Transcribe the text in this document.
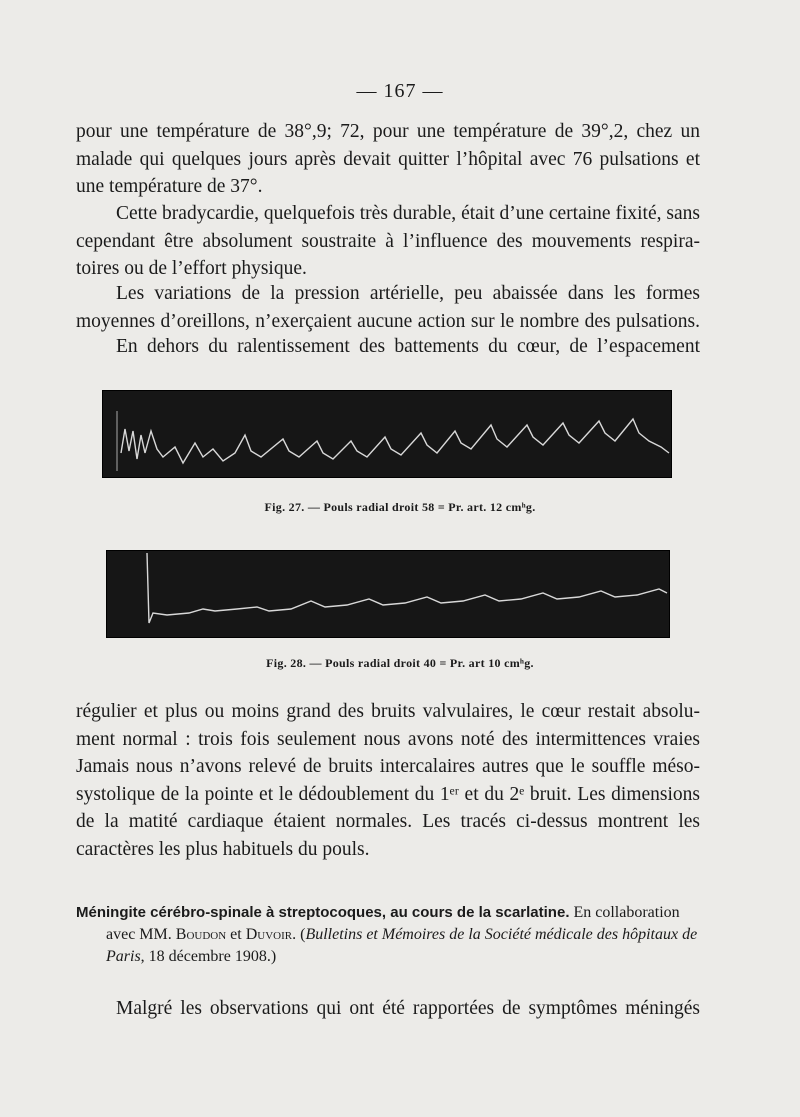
— 167 —
pour une température de 38°,9; 72, pour une température de 39°,2, chez un
malade qui quelques jours après devait quitter l’hôpital avec 76 pulsations et
une température de 37°.
Cette bradycardie, quelquefois très durable, était d’une certaine fixité, sans
cependant être absolument soustraite à l’influence des mouvements respira-
toires ou de l’effort physique.
Les variations de la pression artérielle, peu abaissée dans les formes
moyennes d’oreillons, n’exerçaient aucune action sur le nombre des pulsations.
En dehors du ralentissement des battements du cœur, de l’espacement
Fig. 27. — Pouls radial droit 58 = Pr. art. 12 cmʰg.
Fig. 28. — Pouls radial droit 40 = Pr. art 10 cmʰg.
régulier et plus ou moins grand des bruits valvulaires, le cœur restait absolu-
ment normal : trois fois seulement nous avons noté des intermittences vraies
Jamais nous n’avons relevé de bruits intercalaires autres que le souffle méso-
systolique de la pointe et le dédoublement du 1ᵉʳ et du 2ᵉ bruit. Les dimensions
de la matité cardiaque étaient normales. Les tracés ci-dessus montrent les
caractères les plus habituels du pouls.
Méningite cérébro-spinale à streptocoques, au cours de la scarlatine. En collaboration
avec MM. Boudon et Duvoir. (Bulletins et Mémoires de la Société médicale des hôpitaux de
Paris, 18 décembre 1908.)
Malgré les observations qui ont été rapportées de symptômes méningés
